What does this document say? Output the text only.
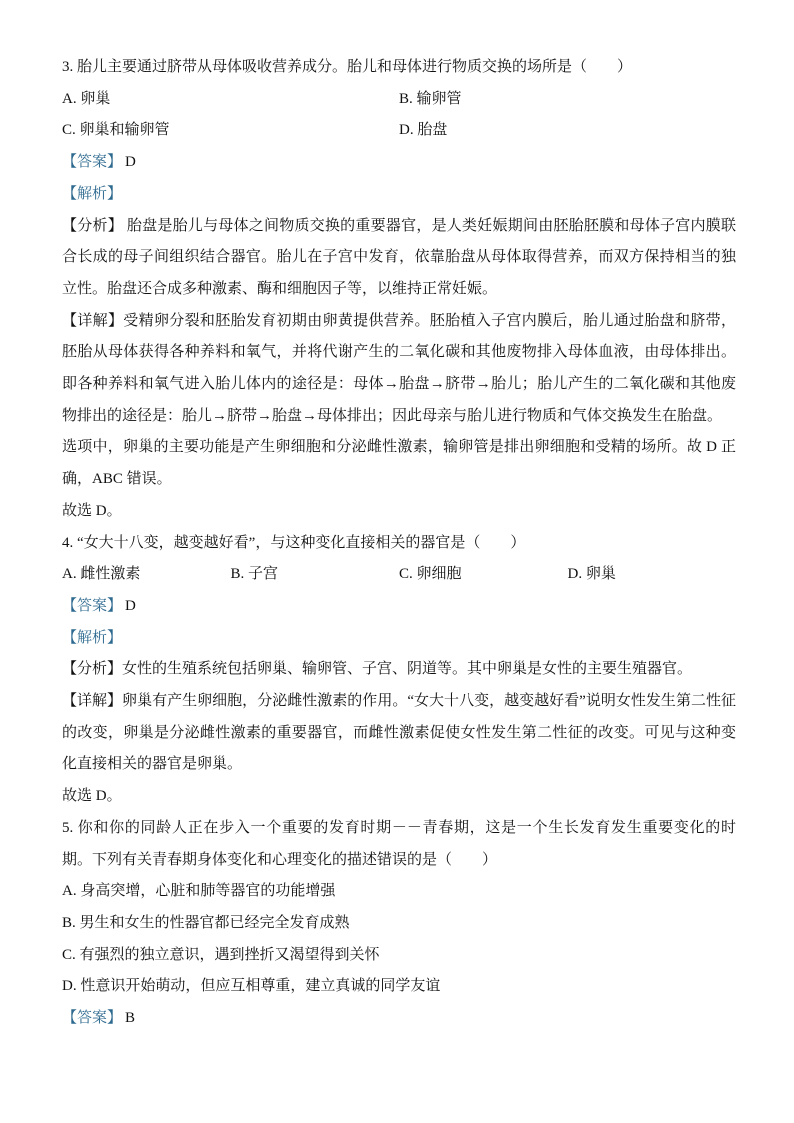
3. 胎儿主要通过脐带从母体吸收营养成分。胎儿和母体进行物质交换的场所是（　　）

A. 卵巢	B. 输卵管
C. 卵巢和输卵管	D. 胎盘

【答案】 D

【解析】

【分析】 胎盘是胎儿与母体之间物质交换的重要器官，是人类妊娠期间由胚胎胚膜和母体子宫内膜联合长成的母子间组织结合器官。胎儿在子宫中发育，依靠胎盘从母体取得营养，而双方保持相当的独立性。胎盘还合成多种激素、酶和细胞因子等，以维持正常妊娠。

【详解】受精卵分裂和胚胎发育初期由卵黄提供营养。胚胎植入子宫内膜后，胎儿通过胎盘和脐带，胚胎从母体获得各种养料和氧气，并将代谢产生的二氧化碳和其他废物排入母体血液，由母体排出。即各种养料和氧气进入胎儿体内的途径是：母体→胎盘→脐带→胎儿；胎儿产生的二氧化碳和其他废物排出的途径是：胎儿→脐带→胎盘→母体排出；因此母亲与胎儿进行物质和气体交换发生在胎盘。

选项中，卵巢的主要功能是产生卵细胞和分泌雌性激素，输卵管是排出卵细胞和受精的场所。故 D 正确，ABC 错误。

故选 D。

4. “女大十八变，越变越好看”，与这种变化直接相关的器官是（　　）

A. 雌性激素	B. 子宫	C. 卵细胞	D. 卵巢

【答案】 D

【解析】

【分析】女性的生殖系统包括卵巢、输卵管、子宫、阴道等。其中卵巢是女性的主要生殖器官。

【详解】卵巢有产生卵细胞，分泌雌性激素的作用。“女大十八变，越变越好看”说明女性发生第二性征的改变，卵巢是分泌雌性激素的重要器官，而雌性激素促使女性发生第二性征的改变。可见与这种变化直接相关的器官是卵巢。

故选 D。

5. 你和你的同龄人正在步入一个重要的发育时期－－青春期，这是一个生长发育发生重要变化的时期。下列有关青春期身体变化和心理变化的描述错误的是（　　）

A. 身高突增，心脏和肺等器官的功能增强

B. 男生和女生的性器官都已经完全发育成熟

C. 有强烈的独立意识，遇到挫折又渴望得到关怀

D. 性意识开始萌动，但应互相尊重，建立真诚的同学友谊

【答案】 B
